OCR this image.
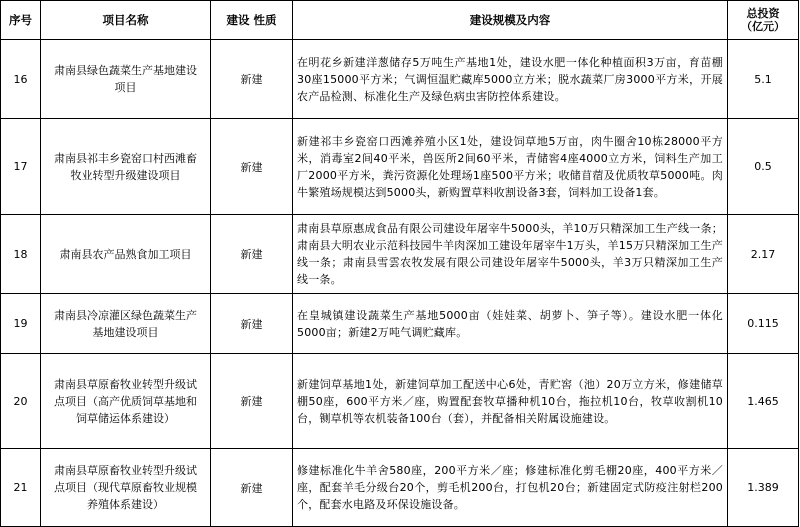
序号	项目名称	建设 性质	建设规模及内容	总投资
（亿元）

16	肃南县绿色蔬菜生产基地建设项目	新建	在明花乡新建洋葱储存5万吨生产基地1处，建设水肥一体化种植面积3万亩，育苗棚30座15000平方米；气调恒温贮藏库5000立方米；脱水蔬菜厂房3000平方米，开展农产品检测、标准化生产及绿色病虫害防控体系建设。	5.1
17	肃南县祁丰乡瓷窑口村西滩畜牧业转型升级建设项目	新建	新建祁丰乡瓷窑口西滩养殖小区1处，建设饲草地5万亩，肉牛圈舍10栋28000平方米，消毒室2间40平米，兽医所2间60平米，青储窖4座4000立方米，饲料生产加工厂2000平方米，粪污资源化处理场1座500平方米；收储苜蓿及优质牧草5000吨。肉牛繁殖场规模达到5000头，新购置草料收割设备3套，饲料加工设备1套。	0.5
18	肃南县农产品熟食加工项目	新建	肃南县草原惠成食品有限公司建设年屠宰牛5000头，羊10万只精深加工生产线一条；肃南县大明农业示范科技园牛羊肉深加工建设年屠宰牛1万头，羊15万只精深加工生产线一条；肃南县雪雲农牧发展有限公司建设年屠宰牛5000头，羊3万只精深加工生产线一条。	2.17
19	肃南县冷凉灌区绿色蔬菜生产基地建设项目	新建	在皇城镇建设蔬菜生产基地5000亩（娃娃菜、胡萝卜、笋子等）。建设水肥一体化5000亩；新建2万吨气调贮藏库。	0.115
20	肃南县草原畜牧业转型升级试点项目（高产优质饲草基地和饲草储运体系建设）	新建	新建饲草基地1处，新建饲草加工配送中心6处，青贮窖（池）20万立方米，修建储草棚50座，600平方米／座，购置配套牧草播种机10台，拖拉机10台，牧草收割机10台，铡草机等农机装备100台（套），并配备相关附属设施建设。	1.465
21	肃南县草原畜牧业转型升级试点项目（现代草原畜牧业规模养殖体系建设）	新建	修建标准化牛羊舍580座，200平方米／座；修建标准化剪毛棚20座，400平方米／座，配套羊毛分级台20个，剪毛机200台，打包机20台；新建固定式防疫注射栏200个，配套水电路及环保设施设备。	1.389
